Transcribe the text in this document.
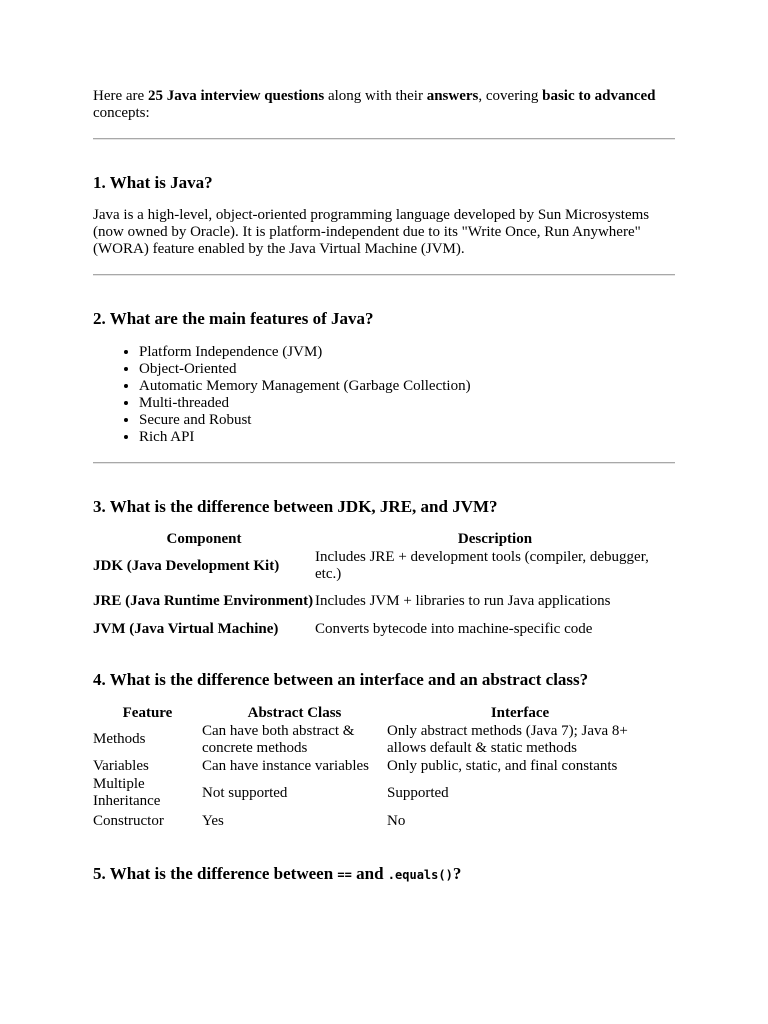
Here are 25 Java interview questions along with their answers, covering basic to advanced concepts:

1. What is Java?

Java is a high-level, object-oriented programming language developed by Sun Microsystems (now owned by Oracle). It is platform-independent due to its "Write Once, Run Anywhere" (WORA) feature enabled by the Java Virtual Machine (JVM).

2. What are the main features of Java?
• Platform Independence (JVM)
• Object-Oriented
• Automatic Memory Management (Garbage Collection)
• Multi-threaded
• Secure and Robust
• Rich API
3. What is the difference between JDK, JRE, and JVM?
Component	Description
JDK (Java Development Kit)	Includes JRE + development tools (compiler, debugger, etc.)
JRE (Java Runtime Environment)	Includes JVM + libraries to run Java applications
JVM (Java Virtual Machine)	Converts bytecode into machine-specific code
4. What is the difference between an interface and an abstract class?
Feature	Abstract Class	Interface
Methods	Can have both abstract & concrete methods	Only abstract methods (Java 7); Java 8+ allows default & static methods
Variables	Can have instance variables	Only public, static, and final constants
Multiple Inheritance	Not supported	Supported
Constructor	Yes	No
5. What is the difference between == and .equals()?
